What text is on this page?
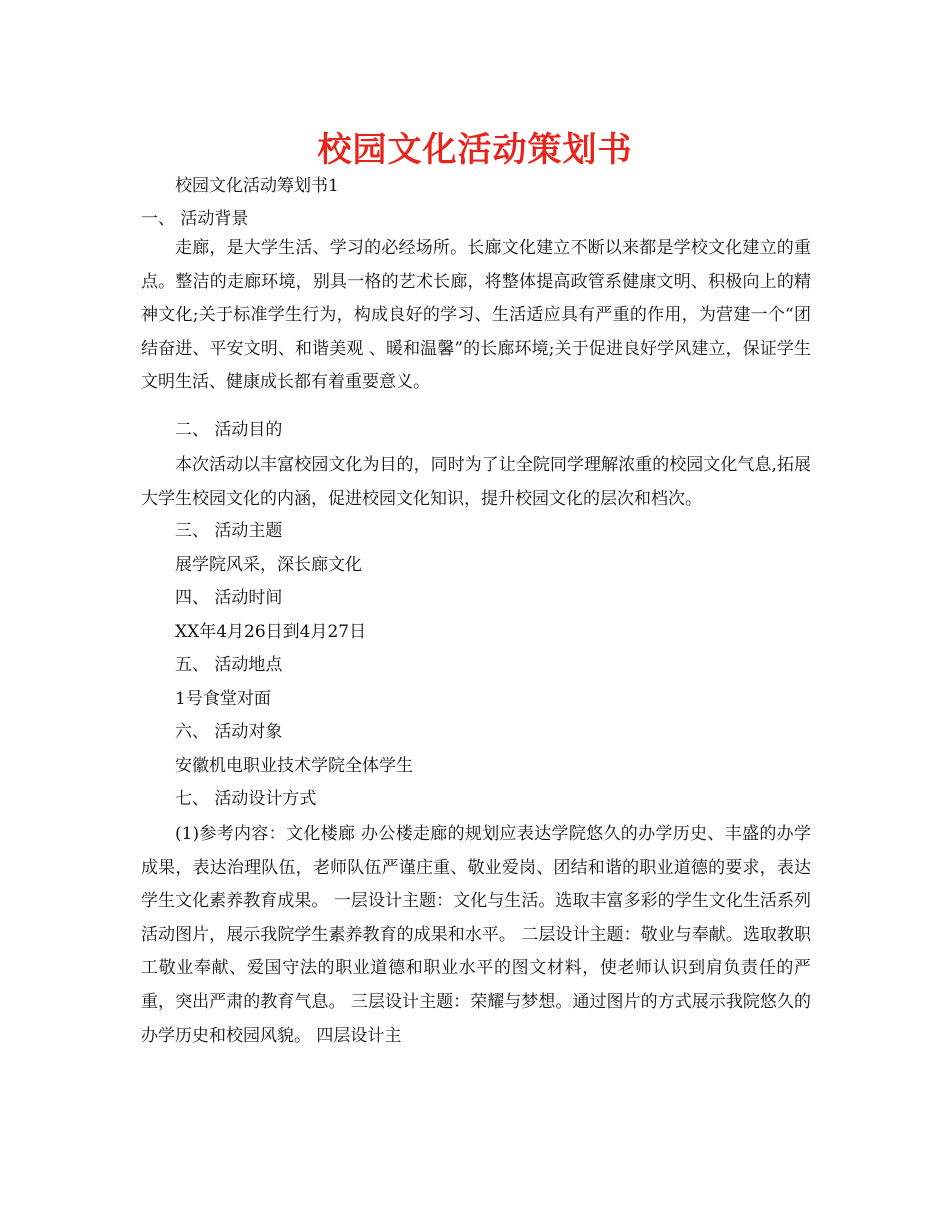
校园文化活动策划书
校园文化活动筹划书1
一、 活动背景
走廊，是大学生活、学习的必经场所。长廊文化建立不断以来都是学校文化建立的重点。整洁的走廊环境，别具一格的艺术长廊，将整体提高政管系健康文明、积极向上的精神文化;关于标准学生行为，构成良好的学习、生活适应具有严重的作用，为营建一个“团结奋进、平安文明、和谐美观 、暖和温馨”的长廊环境;关于促进良好学风建立，保证学生文明生活、健康成长都有着重要意义。
二、 活动目的
本次活动以丰富校园文化为目的，同时为了让全院同学理解浓重的校园文化气息,拓展大学生校园文化的内涵，促进校园文化知识，提升校园文化的层次和档次。
三、 活动主题
展学院风采，深长廊文化
四、 活动时间
XX年4月26日到4月27日
五、 活动地点
1号食堂对面
六、 活动对象
安徽机电职业技术学院全体学生
七、 活动设计方式
(1)参考内容：文化楼廊 办公楼走廊的规划应表达学院悠久的办学历史、丰盛的办学成果，表达治理队伍，老师队伍严谨庄重、敬业爱岗、团结和谐的职业道德的要求，表达学生文化素养教育成果。 一层设计主题：文化与生活。选取丰富多彩的学生文化生活系列活动图片，展示我院学生素养教育的成果和水平。 二层设计主题：敬业与奉献。选取教职工敬业奉献、爱国守法的职业道德和职业水平的图文材料，使老师认识到肩负责任的严重，突出严肃的教育气息。 三层设计主题：荣耀与梦想。通过图片的方式展示我院悠久的办学历史和校园风貌。 四层设计主
